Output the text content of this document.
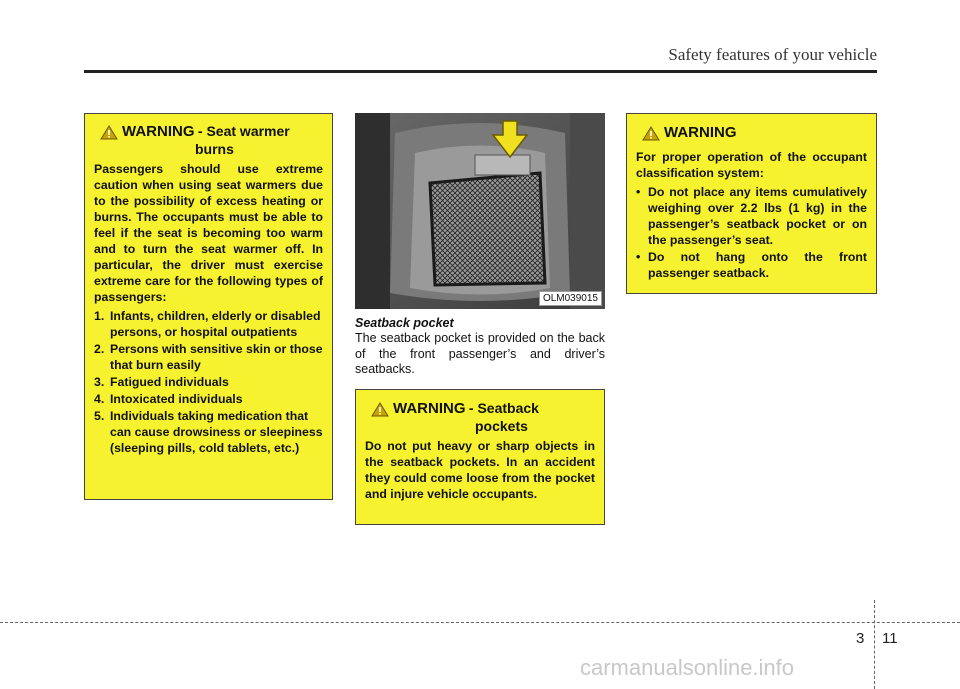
Safety features of your vehicle
WARNING - Seat warmer
burns
Passengers should use extreme caution when using seat warmers due to the possibility of excess heating or burns. The occupants must be able to feel if the seat is becoming too warm and to turn the seat warmer off. In particular, the driver must exercise extreme care for the following types of passengers:
1. Infants, children, elderly or disabled persons, or hospital outpatients
2. Persons with sensitive skin or those that burn easily
3. Fatigued individuals
4. Intoxicated individuals
5. Individuals taking medication that can cause drowsiness or sleepiness (sleeping pills, cold tablets, etc.)
OLM039015
Seatback pocket
The seatback pocket is provided on the back of the front passenger’s and driver’s seatbacks.
WARNING - Seatback
pockets
Do not put heavy or sharp objects in the seatback pockets. In an accident they could come loose from the pocket and injure vehicle occupants.
WARNING
For proper operation of the occupant classification system:
• Do not place any items cumulatively weighing over 2.2 lbs (1 kg) in the passenger’s seatback pocket or on the passenger’s seat.
• Do not hang onto the front passenger seatback.
3 11
carmanualsonline.info
